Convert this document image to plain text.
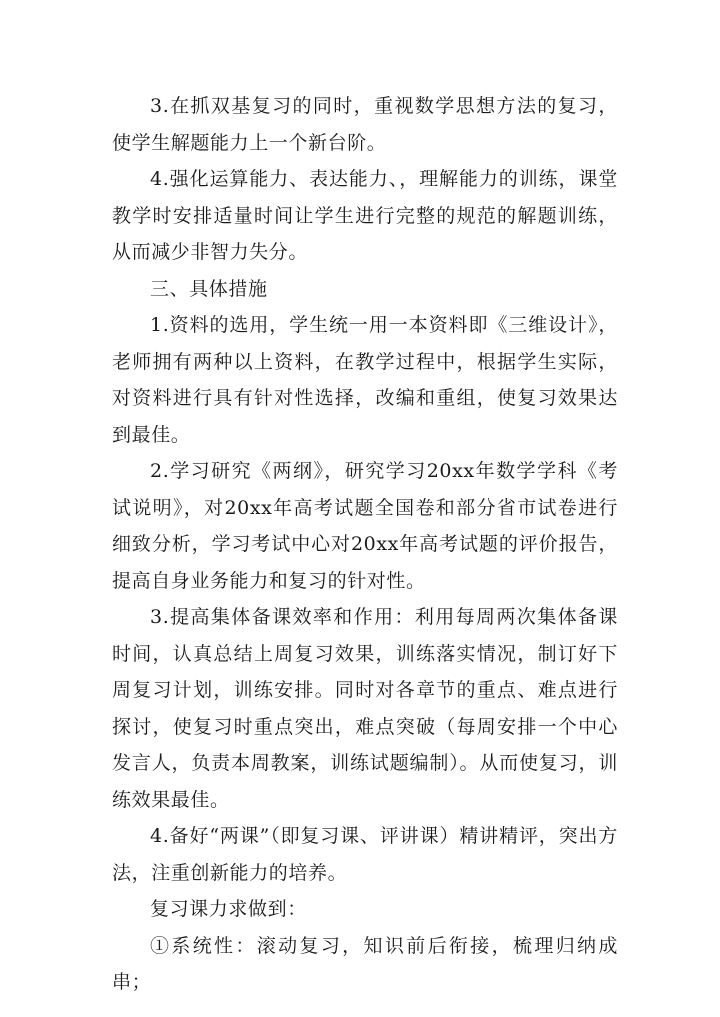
3.在抓双基复习的同时，重视数学思想方法的复习，使学生解题能力上一个新台阶。

4.强化运算能力、表达能力、，理解能力的训练，课堂教学时安排适量时间让学生进行完整的规范的解题训练，从而减少非智力失分。

三、具体措施

1.资料的选用，学生统一用一本资料即《三维设计》，老师拥有两种以上资料，在教学过程中，根据学生实际，对资料进行具有针对性选择，改编和重组，使复习效果达到最佳。

2.学习研究《两纲》，研究学习20xx年数学学科《考试说明》，对20xx年高考试题全国卷和部分省市试卷进行细致分析，学习考试中心对20xx年高考试题的评价报告，提高自身业务能力和复习的针对性。

3.提高集体备课效率和作用：利用每周两次集体备课时间，认真总结上周复习效果，训练落实情况，制订好下周复习计划，训练安排。同时对各章节的重点、难点进行探讨，使复习时重点突出，难点突破（每周安排一个中心发言人，负责本周教案，训练试题编制）。从而使复习，训练效果最佳。

4.备好“两课”（即复习课、评讲课）精讲精评，突出方法，注重创新能力的培养。

复习课力求做到：

①系统性：滚动复习，知识前后衔接，梳理归纳成串；
